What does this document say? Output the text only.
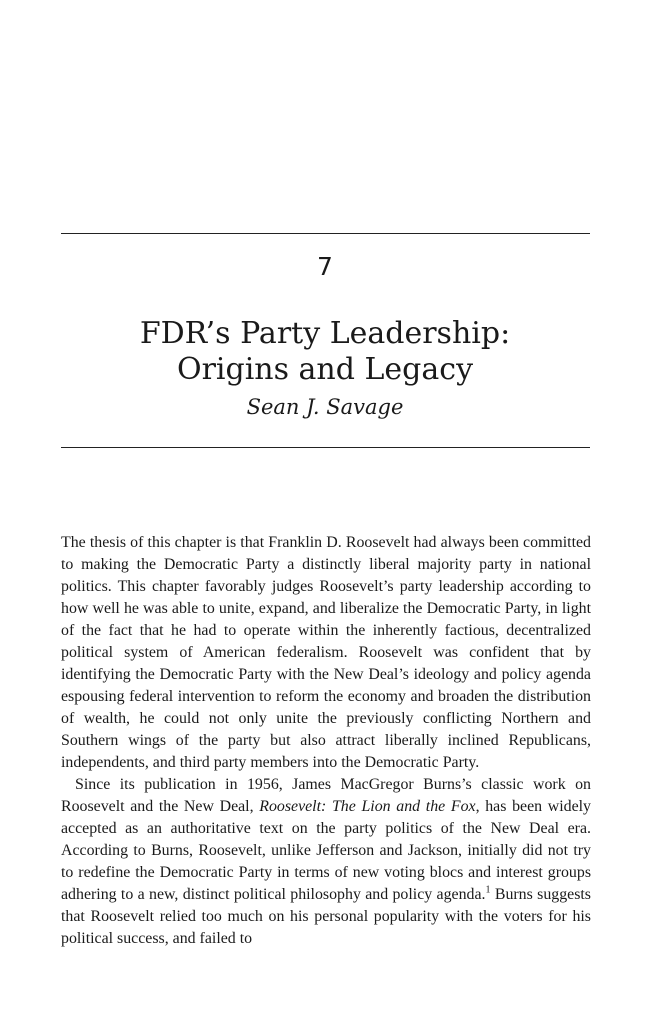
7
FDR’s Party Leadership:
Origins and Legacy
Sean J. Savage

The thesis of this chapter is that Franklin D. Roosevelt had always been committed to making the Democratic Party a distinctly liberal majority party in national politics. This chapter favorably judges Roosevelt’s party leadership according to how well he was able to unite, expand, and liberalize the Democratic Party, in light of the fact that he had to operate within the inherently factious, decentralized political system of American federalism. Roosevelt was confident that by identifying the Democratic Party with the New Deal’s ideology and policy agenda espousing federal intervention to reform the economy and broaden the distribution of wealth, he could not only unite the previously conflicting Northern and Southern wings of the party but also attract liberally inclined Republicans, independents, and third party members into the Democratic Party.

Since its publication in 1956, James MacGregor Burns’s classic work on Roosevelt and the New Deal, Roosevelt: The Lion and the Fox, has been widely accepted as an authoritative text on the party politics of the New Deal era. According to Burns, Roosevelt, unlike Jefferson and Jackson, initially did not try to redefine the Democratic Party in terms of new voting blocs and interest groups adhering to a new, distinct political philosophy and policy agenda.$^1$ Burns suggests that Roosevelt relied too much on his personal popularity with the voters for his political success, and failed to
